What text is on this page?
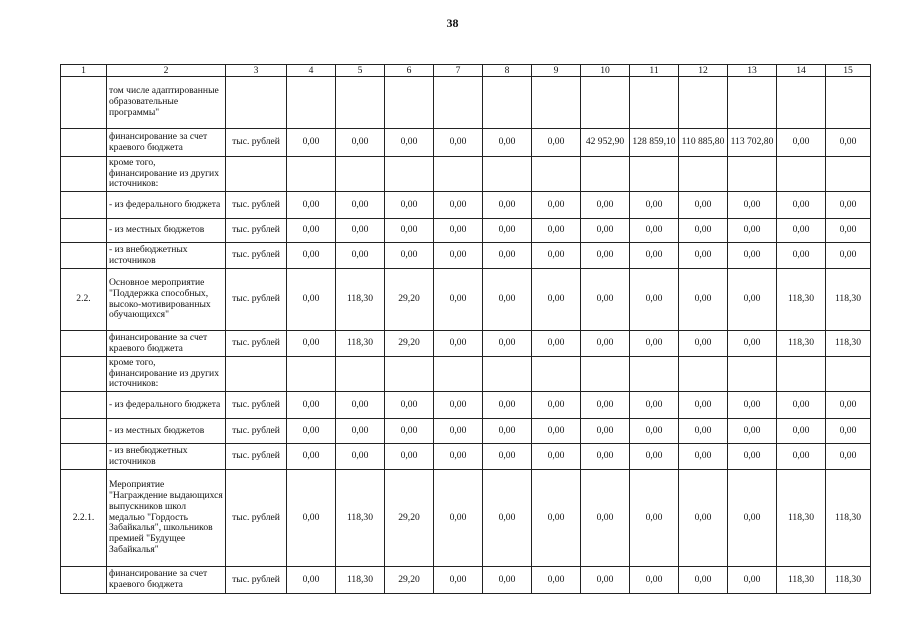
38
1	2	3	4	5	6	7	8	9	10	11	12	13	14	15
	том числе адаптированные образовательные программы"													
	финансирование за счет краевого бюджета	тыс. рублей	0,00	0,00	0,00	0,00	0,00	0,00	42 952,90	128 859,10	110 885,80	113 702,80	0,00	0,00
	кроме того, финансирование из других источников:													
	- из федерального бюджета	тыс. рублей	0,00	0,00	0,00	0,00	0,00	0,00	0,00	0,00	0,00	0,00	0,00	0,00
	- из местных бюджетов	тыс. рублей	0,00	0,00	0,00	0,00	0,00	0,00	0,00	0,00	0,00	0,00	0,00	0,00
	- из внебюджетных источников	тыс. рублей	0,00	0,00	0,00	0,00	0,00	0,00	0,00	0,00	0,00	0,00	0,00	0,00
2.2.	Основное мероприятие "Поддержка способных, высоко-мотивированных обучающихся"	тыс. рублей	0,00	118,30	29,20	0,00	0,00	0,00	0,00	0,00	0,00	0,00	118,30	118,30
	финансирование за счет краевого бюджета	тыс. рублей	0,00	118,30	29,20	0,00	0,00	0,00	0,00	0,00	0,00	0,00	118,30	118,30
	кроме того, финансирование из других источников:													
	- из федерального бюджета	тыс. рублей	0,00	0,00	0,00	0,00	0,00	0,00	0,00	0,00	0,00	0,00	0,00	0,00
	- из местных бюджетов	тыс. рублей	0,00	0,00	0,00	0,00	0,00	0,00	0,00	0,00	0,00	0,00	0,00	0,00
	- из внебюджетных источников	тыс. рублей	0,00	0,00	0,00	0,00	0,00	0,00	0,00	0,00	0,00	0,00	0,00	0,00
2.2.1.	Мероприятие "Награждение выдающихся выпускников школ медалью "Гордость Забайкалья", школьников премией "Будущее Забайкалья"	тыс. рублей	0,00	118,30	29,20	0,00	0,00	0,00	0,00	0,00	0,00	0,00	118,30	118,30
	финансирование за счет краевого бюджета	тыс. рублей	0,00	118,30	29,20	0,00	0,00	0,00	0,00	0,00	0,00	0,00	118,30	118,30
